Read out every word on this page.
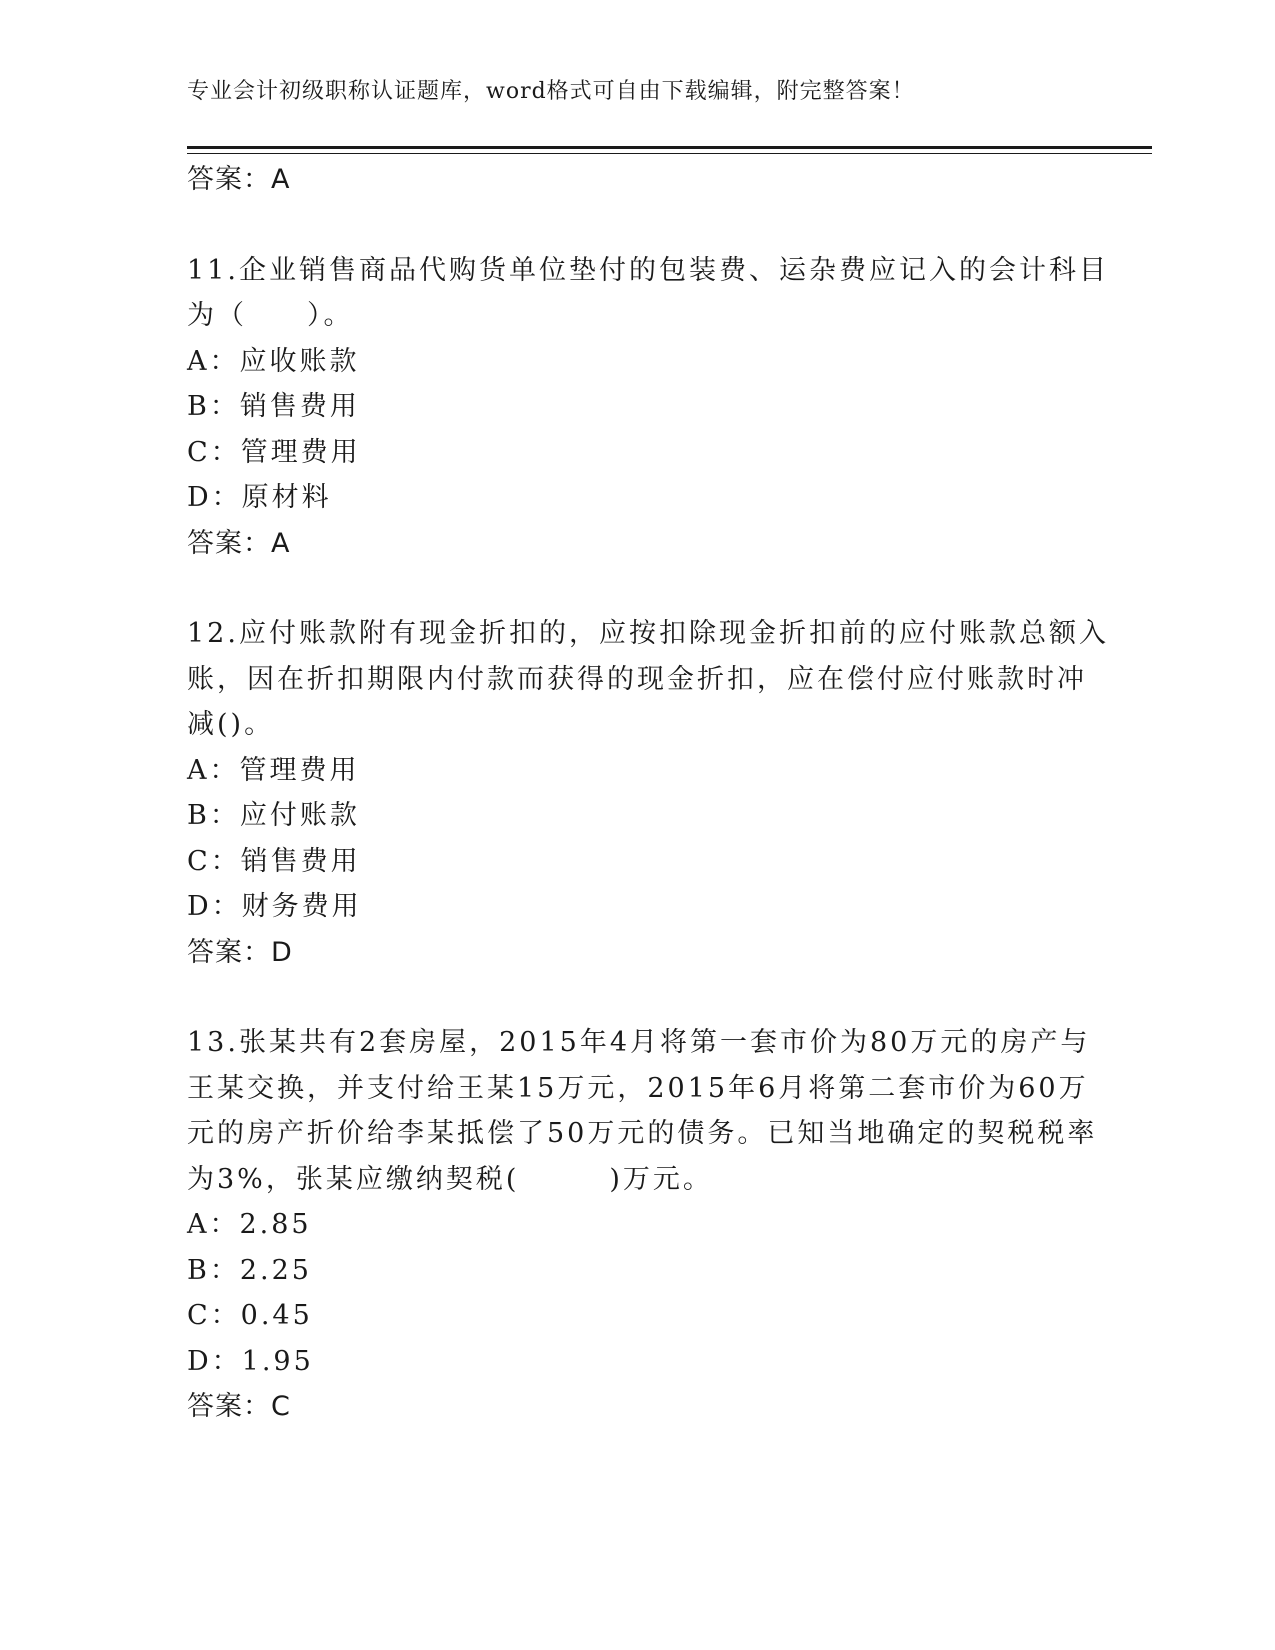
专业会计初级职称认证题库，word格式可自由下载编辑，附完整答案！
答案：A
11.企业销售商品代购货单位垫付的包装费、运杂费应记入的会计科目
为（　　）。
A：应收账款
B：销售费用
C：管理费用
D：原材料
答案：A
12.应付账款附有现金折扣的，应按扣除现金折扣前的应付账款总额入
账，因在折扣期限内付款而获得的现金折扣，应在偿付应付账款时冲
减()。
A：管理费用
B：应付账款
C：销售费用
D：财务费用
答案：D
13.张某共有2套房屋，2015年4月将第一套市价为80万元的房产与
王某交换，并支付给王某15万元，2015年6月将第二套市价为60万
元的房产折价给李某抵偿了50万元的债务。已知当地确定的契税税率
为3%，张某应缴纳契税(　　　)万元。
A：2.85
B：2.25
C：0.45
D：1.95
答案：C
